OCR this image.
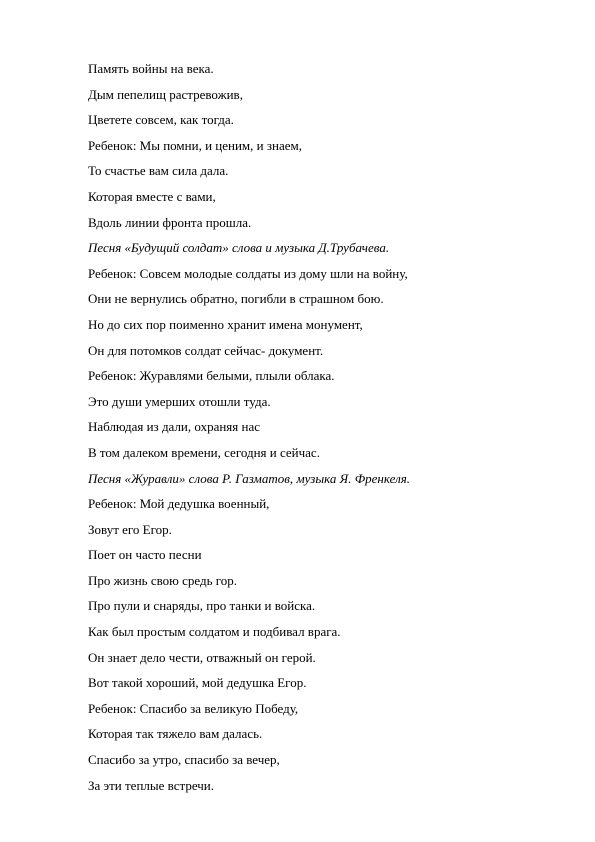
Память войны на века.
Дым пепелищ растревожив,
Цветете совсем, как тогда.
Ребенок: Мы помни, и ценим, и знаем,
То счастье вам сила дала.
Которая вместе с вами,
Вдоль линии фронта прошла.
Песня «Будущий солдат» слова и музыка Д.Трубачева.
Ребенок: Совсем молодые солдаты из дому шли на войну,
Они не вернулись обратно, погибли в страшном бою.
Но до сих пор поименно хранит имена монумент,
Он для потомков солдат сейчас- документ.
Ребенок: Журавлями белыми, плыли облака.
Это души умерших отошли туда.
Наблюдая из дали, охраняя нас
В том далеком времени, сегодня и сейчас.
Песня «Журавли» слова Р. Газматов, музыка Я. Френкеля.
Ребенок: Мой дедушка военный,
Зовут его Егор.
Поет он часто песни
Про жизнь свою средь гор.
Про пули и снаряды, про танки и войска.
Как был простым солдатом и подбивал врага.
Он знает дело чести, отважный он герой.
Вот такой хороший, мой дедушка Егор.
Ребенок: Спасибо за великую Победу,
Которая так тяжело вам далась.
Спасибо за утро, спасибо за вечер,
За эти теплые встречи.
